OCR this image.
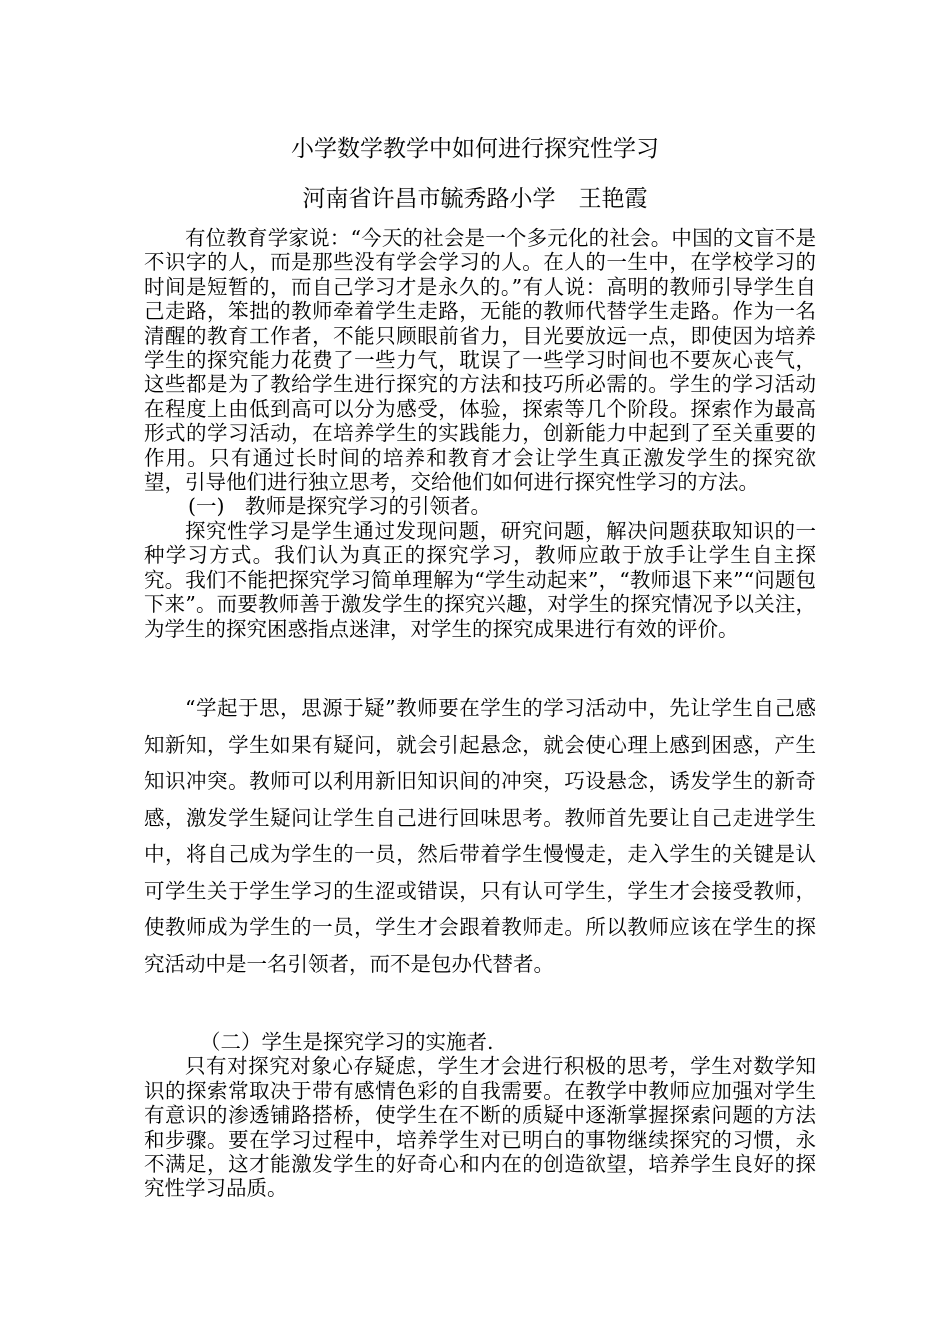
小学数学教学中如何进行探究性学习
河南省许昌市毓秀路小学　王艳霞

有位教育学家说：“今天的社会是一个多元化的社会。中国的文盲不是不识字的人，而是那些没有学会学习的人。在人的一生中，在学校学习的时间是短暂的，而自己学习才是永久的。”有人说：高明的教师引导学生自己走路，笨拙的教师牵着学生走路，无能的教师代替学生走路。作为一名清醒的教育工作者，不能只顾眼前省力，目光要放远一点，即使因为培养学生的探究能力花费了一些力气，耽误了一些学习时间也不要灰心丧气，这些都是为了教给学生进行探究的方法和技巧所必需的。学生的学习活动在程度上由低到高可以分为感受，体验，探索等几个阶段。探索作为最高形式的学习活动，在培养学生的实践能力，创新能力中起到了至关重要的作用。只有通过长时间的培养和教育才会让学生真正激发学生的探究欲望，引导他们进行独立思考，交给他们如何进行探究性学习的方法。

(一)　教师是探究学习的引领者。

探究性学习是学生通过发现问题，研究问题，解决问题获取知识的一种学习方式。我们认为真正的探究学习，教师应敢于放手让学生自主探究。我们不能把探究学习简单理解为“学生动起来”，“教师退下来”“问题包下来”。而要教师善于激发学生的探究兴趣，对学生的探究情况予以关注，为学生的探究困惑指点迷津，对学生的探究成果进行有效的评价。

“学起于思，思源于疑”教师要在学生的学习活动中，先让学生自己感知新知，学生如果有疑问，就会引起悬念，就会使心理上感到困惑，产生知识冲突。教师可以利用新旧知识间的冲突，巧设悬念，诱发学生的新奇感，激发学生疑问让学生自己进行回味思考。教师首先要让自己走进学生中，将自己成为学生的一员，然后带着学生慢慢走，走入学生的关键是认可学生关于学生学习的生涩或错误，只有认可学生，学生才会接受教师，使教师成为学生的一员，学生才会跟着教师走。所以教师应该在学生的探究活动中是一名引领者，而不是包办代替者。

（二）学生是探究学习的实施者.

只有对探究对象心存疑虑，学生才会进行积极的思考，学生对数学知识的探索常取决于带有感情色彩的自我需要。在教学中教师应加强对学生有意识的渗透铺路搭桥，使学生在不断的质疑中逐渐掌握探索问题的方法和步骤。要在学习过程中，培养学生对已明白的事物继续探究的习惯，永不满足，这才能激发学生的好奇心和内在的创造欲望，培养学生良好的探究性学习品质。
